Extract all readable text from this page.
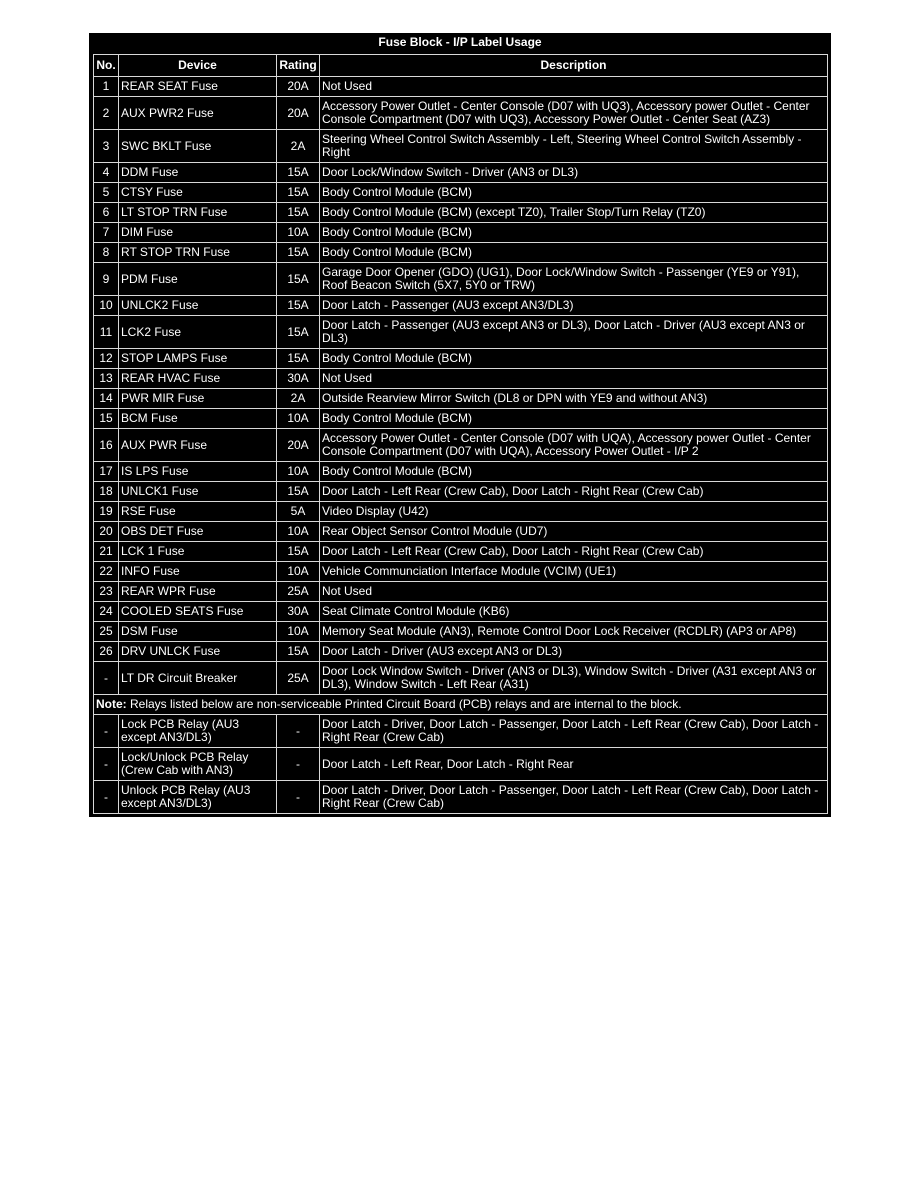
Fuse Block - I/P Label Usage
No.	Device	Rating	Description
1	REAR SEAT Fuse	20A	Not Used
2	AUX PWR2 Fuse	20A	Accessory Power Outlet - Center Console (D07 with UQ3), Accessory power Outlet - Center Console Compartment (D07 with UQ3), Accessory Power Outlet - Center Seat (AZ3)
3	SWC BKLT Fuse	2A	Steering Wheel Control Switch Assembly - Left, Steering Wheel Control Switch Assembly - Right
4	DDM Fuse	15A	Door Lock/Window Switch - Driver (AN3 or DL3)
5	CTSY Fuse	15A	Body Control Module (BCM)
6	LT STOP TRN Fuse	15A	Body Control Module (BCM) (except TZ0), Trailer Stop/Turn Relay (TZ0)
7	DIM Fuse	10A	Body Control Module (BCM)
8	RT STOP TRN Fuse	15A	Body Control Module (BCM)
9	PDM Fuse	15A	Garage Door Opener (GDO) (UG1), Door Lock/Window Switch - Passenger (YE9 or Y91), Roof Beacon Switch (5X7, 5Y0 or TRW)
10	UNLCK2 Fuse	15A	Door Latch - Passenger (AU3 except AN3/DL3)
11	LCK2 Fuse	15A	Door Latch - Passenger (AU3 except AN3 or DL3), Door Latch - Driver (AU3 except AN3 or DL3)
12	STOP LAMPS Fuse	15A	Body Control Module (BCM)
13	REAR HVAC Fuse	30A	Not Used
14	PWR MIR Fuse	2A	Outside Rearview Mirror Switch (DL8 or DPN with YE9 and without AN3)
15	BCM Fuse	10A	Body Control Module (BCM)
16	AUX PWR Fuse	20A	Accessory Power Outlet - Center Console (D07 with UQA), Accessory power Outlet - Center Console Compartment (D07 with UQA), Accessory Power Outlet - I/P 2
17	IS LPS Fuse	10A	Body Control Module (BCM)
18	UNLCK1 Fuse	15A	Door Latch - Left Rear (Crew Cab), Door Latch - Right Rear (Crew Cab)
19	RSE Fuse	5A	Video Display (U42)
20	OBS DET Fuse	10A	Rear Object Sensor Control Module (UD7)
21	LCK 1 Fuse	15A	Door Latch - Left Rear (Crew Cab), Door Latch - Right Rear (Crew Cab)
22	INFO Fuse	10A	Vehicle Communciation Interface Module (VCIM) (UE1)
23	REAR WPR Fuse	25A	Not Used
24	COOLED SEATS Fuse	30A	Seat Climate Control Module (KB6)
25	DSM Fuse	10A	Memory Seat Module (AN3), Remote Control Door Lock Receiver (RCDLR) (AP3 or AP8)
26	DRV UNLCK Fuse	15A	Door Latch - Driver (AU3 except AN3 or DL3)
-	LT DR Circuit Breaker	25A	Door Lock Window Switch - Driver (AN3 or DL3), Window Switch - Driver (A31 except AN3 or DL3), Window Switch - Left Rear (A31)
Note: Relays listed below are non-serviceable Printed Circuit Board (PCB) relays and are internal to the block.			
-	Lock PCB Relay (AU3 except AN3/DL3)	-	Door Latch - Driver, Door Latch - Passenger, Door Latch - Left Rear (Crew Cab), Door Latch - Right Rear (Crew Cab)
-	Lock/Unlock PCB Relay (Crew Cab with AN3)	-	Door Latch - Left Rear, Door Latch - Right Rear
-	Unlock PCB Relay (AU3 except AN3/DL3)	-	Door Latch - Driver, Door Latch - Passenger, Door Latch - Left Rear (Crew Cab), Door Latch - Right Rear (Crew Cab)
